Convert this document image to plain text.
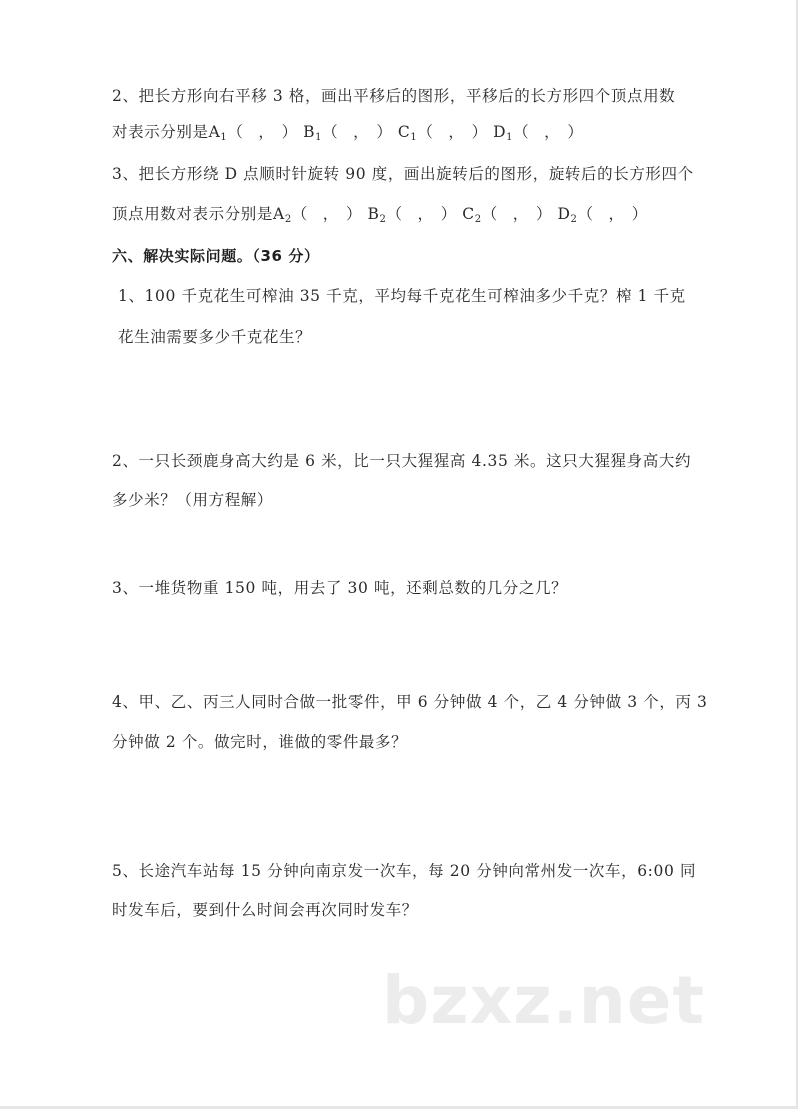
2、把长方形向右平移 3 格，画出平移后的图形，平移后的长方形四个顶点用数
对表示分别是$A_1$（　，　） $B_1$（　，　） $C_1$（　，　） $D_1$（　，　）
3、把长方形绕 D 点顺时针旋转 90 度，画出旋转后的图形，旋转后的长方形四个
顶点用数对表示分别是$A_2$（　，　） $B_2$（　，　） $C_2$（　，　） $D_2$（　，　）
六、解决实际问题。（36 分）
1、100 千克花生可榨油 35 千克，平均每千克花生可榨油多少千克？榨 1 千克
花生油需要多少千克花生？
2、一只长颈鹿身高大约是 6 米，比一只大猩猩高 4.35 米。这只大猩猩身高大约
多少米？（用方程解）
3、一堆货物重 150 吨，用去了 30 吨，还剩总数的几分之几？
4、甲、乙、丙三人同时合做一批零件，甲 6 分钟做 4 个，乙 4 分钟做 3 个，丙 3
分钟做 2 个。做完时，谁做的零件最多？
5、长途汽车站每 15 分钟向南京发一次车，每 20 分钟向常州发一次车，6:00 同
时发车后，要到什么时间会再次同时发车？
bzxz.net
